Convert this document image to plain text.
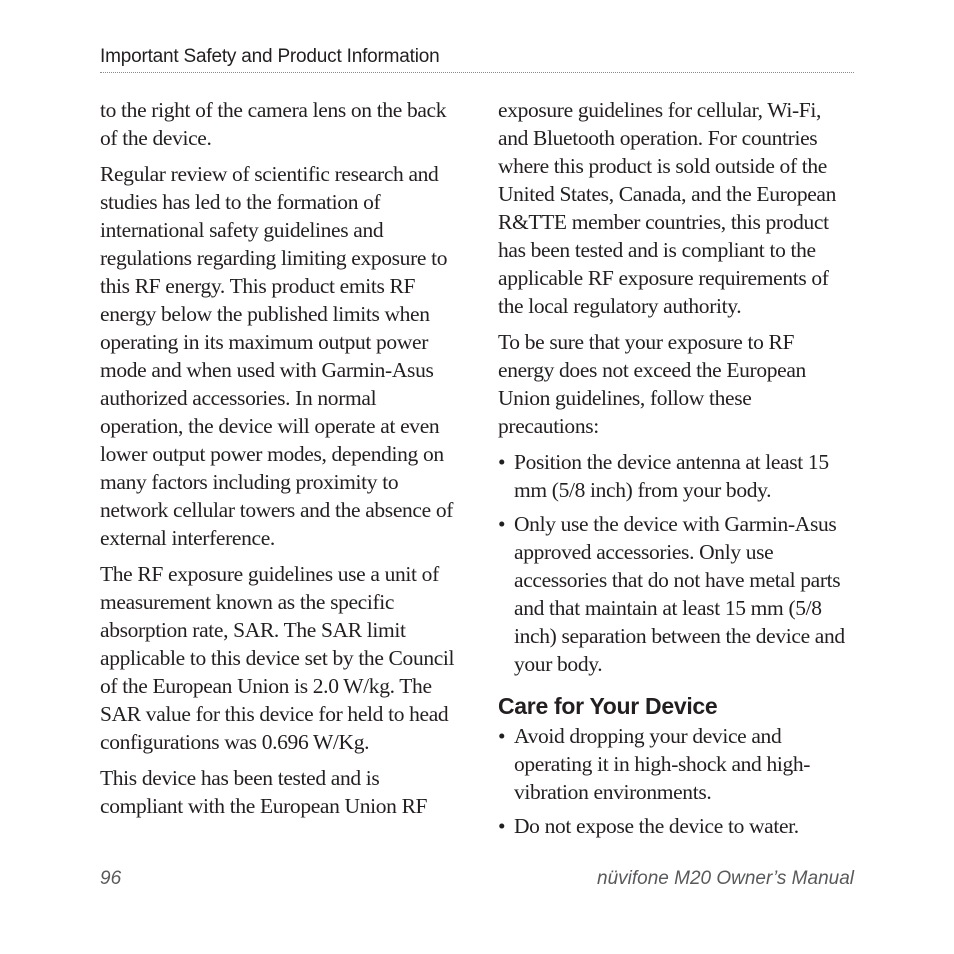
Important Safety and Product Information

to the right of the camera lens on the back of the device.

Regular review of scientific research and studies has led to the formation of international safety guidelines and regulations regarding limiting exposure to this RF energy. This product emits RF energy below the published limits when operating in its maximum output power mode and when used with Garmin-Asus authorized accessories. In normal operation, the device will operate at even lower output power modes, depending on many factors including proximity to network cellular towers and the absence of external interference.

The RF exposure guidelines use a unit of measurement known as the specific absorption rate, SAR. The SAR limit applicable to this device set by the Council of the European Union is 2.0 W/kg. The SAR value for this device for held to head configurations was 0.696 W/Kg.

This device has been tested and is compliant with the European Union RF

exposure guidelines for cellular, Wi-Fi, and Bluetooth operation. For countries where this product is sold outside of the United States, Canada, and the European R&TTE member countries, this product has been tested and is compliant to the applicable RF exposure requirements of the local regulatory authority.

To be sure that your exposure to RF energy does not exceed the European Union guidelines, follow these precautions:

• Position the device antenna at least 15 mm (5/8 inch) from your body.
• Only use the device with Garmin-Asus approved accessories. Only use accessories that do not have metal parts and that maintain at least 15 mm (5/8 inch) separation between the device and your body.
Care for Your Device
• Avoid dropping your device and operating it in high-shock and high-vibration environments.
• Do not expose the device to water.
96	nüvifone M20 Owner’s Manual
